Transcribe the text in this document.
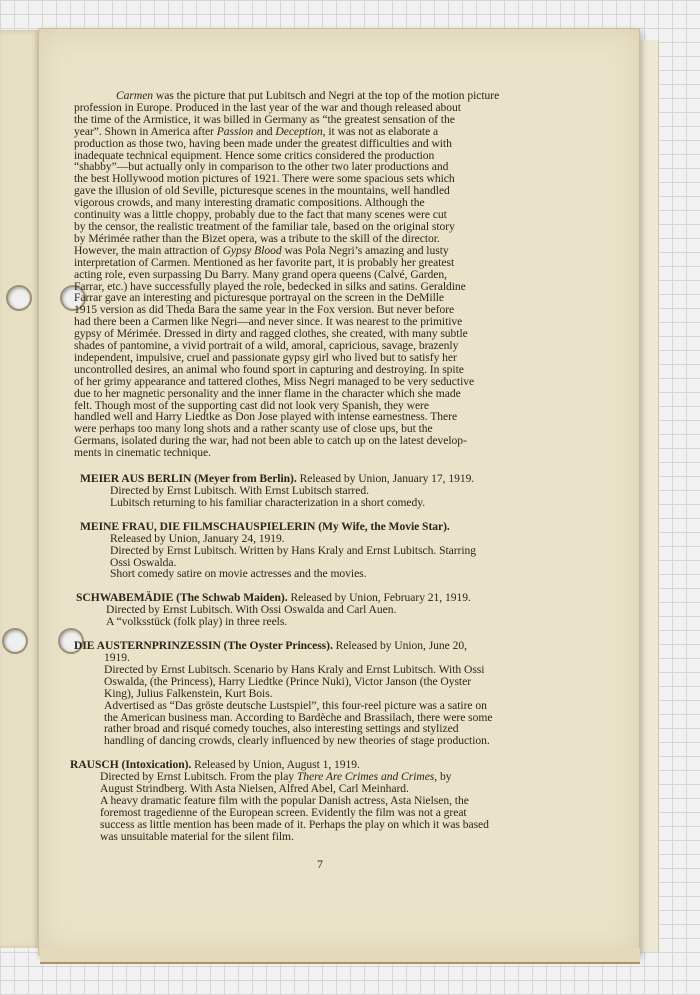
Carmen was the picture that put Lubitsch and Negri at the top of the motion picture
profession in Europe. Produced in the last year of the war and though released about
the time of the Armistice, it was billed in Germany as “the greatest sensation of the
year”. Shown in America after Passion and Deception, it was not as elaborate a
production as those two, having been made under the greatest difficulties and with
inadequate technical equipment. Hence some critics considered the production
“shabby”—but actually only in comparison to the other two later productions and
the best Hollywood motion pictures of 1921. There were some spacious sets which
gave the illusion of old Seville, picturesque scenes in the mountains, well handled
vigorous crowds, and many interesting dramatic compositions. Although the
continuity was a little choppy, probably due to the fact that many scenes were cut
by the censor, the realistic treatment of the familiar tale, based on the original story
by Mérimée rather than the Bizet opera, was a tribute to the skill of the director.
However, the main attraction of Gypsy Blood was Pola Negri’s amazing and lusty
interpretation of Carmen. Mentioned as her favorite part, it is probably her greatest
acting role, even surpassing Du Barry. Many grand opera queens (Calvé, Garden,
Farrar, etc.) have successfully played the role, bedecked in silks and satins. Geraldine
Farrar gave an interesting and picturesque portrayal on the screen in the DeMille
1915 version as did Theda Bara the same year in the Fox version. But never before
had there been a Carmen like Negri—and never since. It was nearest to the primitive
gypsy of Mérimée. Dressed in dirty and ragged clothes, she created, with many subtle
shades of pantomine, a vivid portrait of a wild, amoral, capricious, savage, brazenly
independent, impulsive, cruel and passionate gypsy girl who lived but to satisfy her
uncontrolled desires, an animal who found sport in capturing and destroying. In spite
of her grimy appearance and tattered clothes, Miss Negri managed to be very seductive
due to her magnetic personality and the inner flame in the character which she made
felt. Though most of the supporting cast did not look very Spanish, they were
handled well and Harry Liedtke as Don Jose played with intense earnestness. There
were perhaps too many long shots and a rather scanty use of close ups, but the
Germans, isolated during the war, had not been able to catch up on the latest develop-
ments in cinematic technique.
MEIER AUS BERLIN (Meyer from Berlin). Released by Union, January 17, 1919.
Directed by Ernst Lubitsch. With Ernst Lubitsch starred.
Lubitsch returning to his familiar characterization in a short comedy.
MEINE FRAU, DIE FILMSCHAUSPIELERIN (My Wife, the Movie Star).
Released by Union, January 24, 1919.
Directed by Ernst Lubitsch. Written by Hans Kraly and Ernst Lubitsch. Starring
Ossi Oswalda.
Short comedy satire on movie actresses and the movies.
SCHWABEMÄDIE (The Schwab Maiden). Released by Union, February 21, 1919.
Directed by Ernst Lubitsch. With Ossi Oswalda and Carl Auen.
A “volksstück (folk play) in three reels.
DIE AUSTERNPRINZESSIN (The Oyster Princess). Released by Union, June 20,
1919.
Directed by Ernst Lubitsch. Scenario by Hans Kraly and Ernst Lubitsch. With Ossi
Oswalda, (the Princess), Harry Liedtke (Prince Nuki), Victor Janson (the Oyster
King), Julius Falkenstein, Kurt Bois.
Advertised as “Das gröste deutsche Lustspiel”, this four-reel picture was a satire on
the American business man. According to Bardèche and Brassilach, there were some
rather broad and risqué comedy touches, also interesting settings and stylized
handling of dancing crowds, clearly influenced by new theories of stage production.
RAUSCH (Intoxication). Released by Union, August 1, 1919.
Directed by Ernst Lubitsch. From the play There Are Crimes and Crimes, by
August Strindberg. With Asta Nielsen, Alfred Abel, Carl Meinhard.
A heavy dramatic feature film with the popular Danish actress, Asta Nielsen, the
foremost tragedienne of the European screen. Evidently the film was not a great
success as little mention has been made of it. Perhaps the play on which it was based
was unsuitable material for the silent film.
7
